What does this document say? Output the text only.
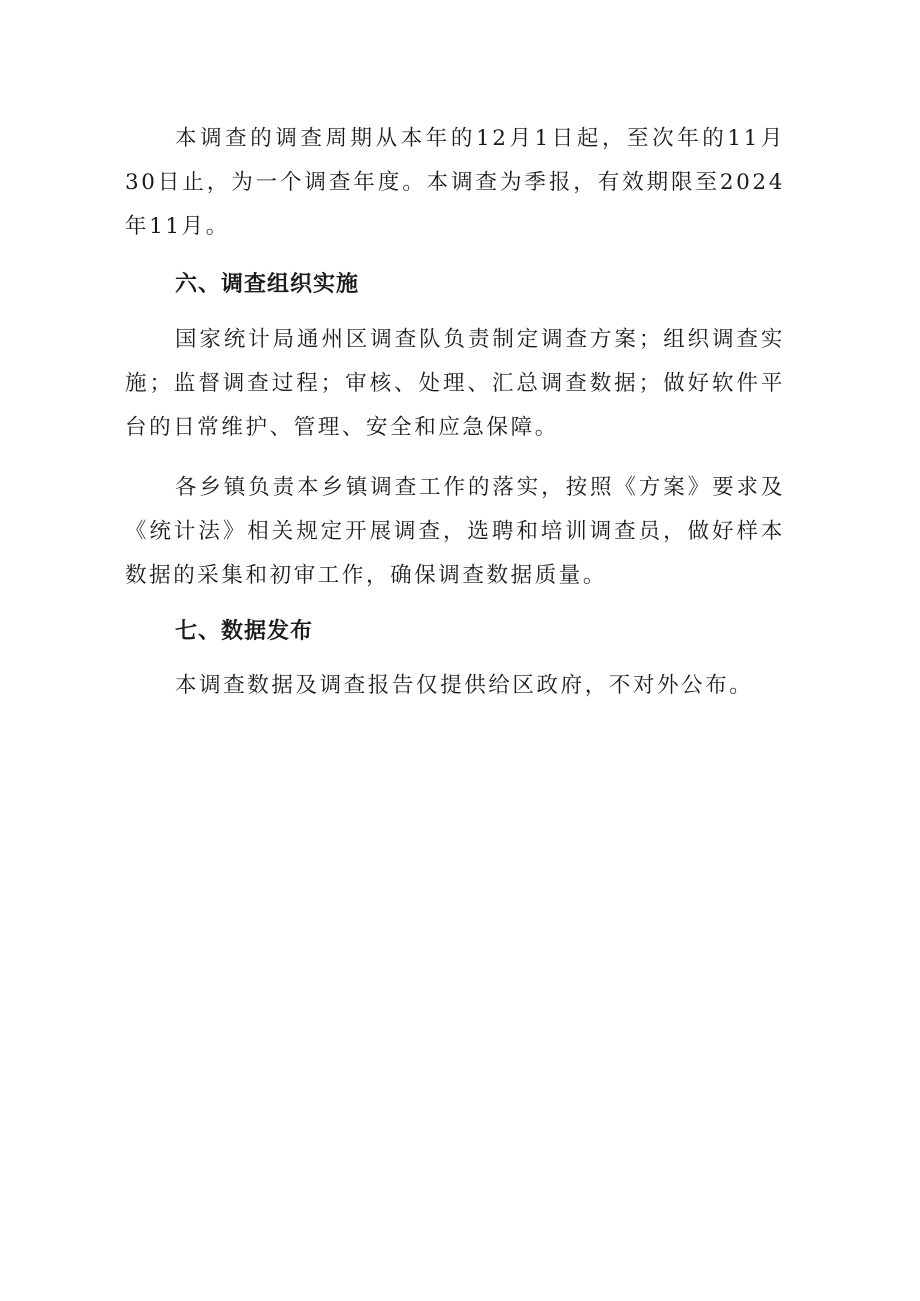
本调查的调查周期从本年的12月1日起，至次年的11月30日止，为一个调查年度。本调查为季报，有效期限至2024年11月。

六、调查组织实施

国家统计局通州区调查队负责制定调查方案；组织调查实施；监督调查过程；审核、处理、汇总调查数据；做好软件平台的日常维护、管理、安全和应急保障。

各乡镇负责本乡镇调查工作的落实，按照《方案》要求及《统计法》相关规定开展调查，选聘和培训调查员，做好样本数据的采集和初审工作，确保调查数据质量。

七、数据发布

本调查数据及调查报告仅提供给区政府，不对外公布。
